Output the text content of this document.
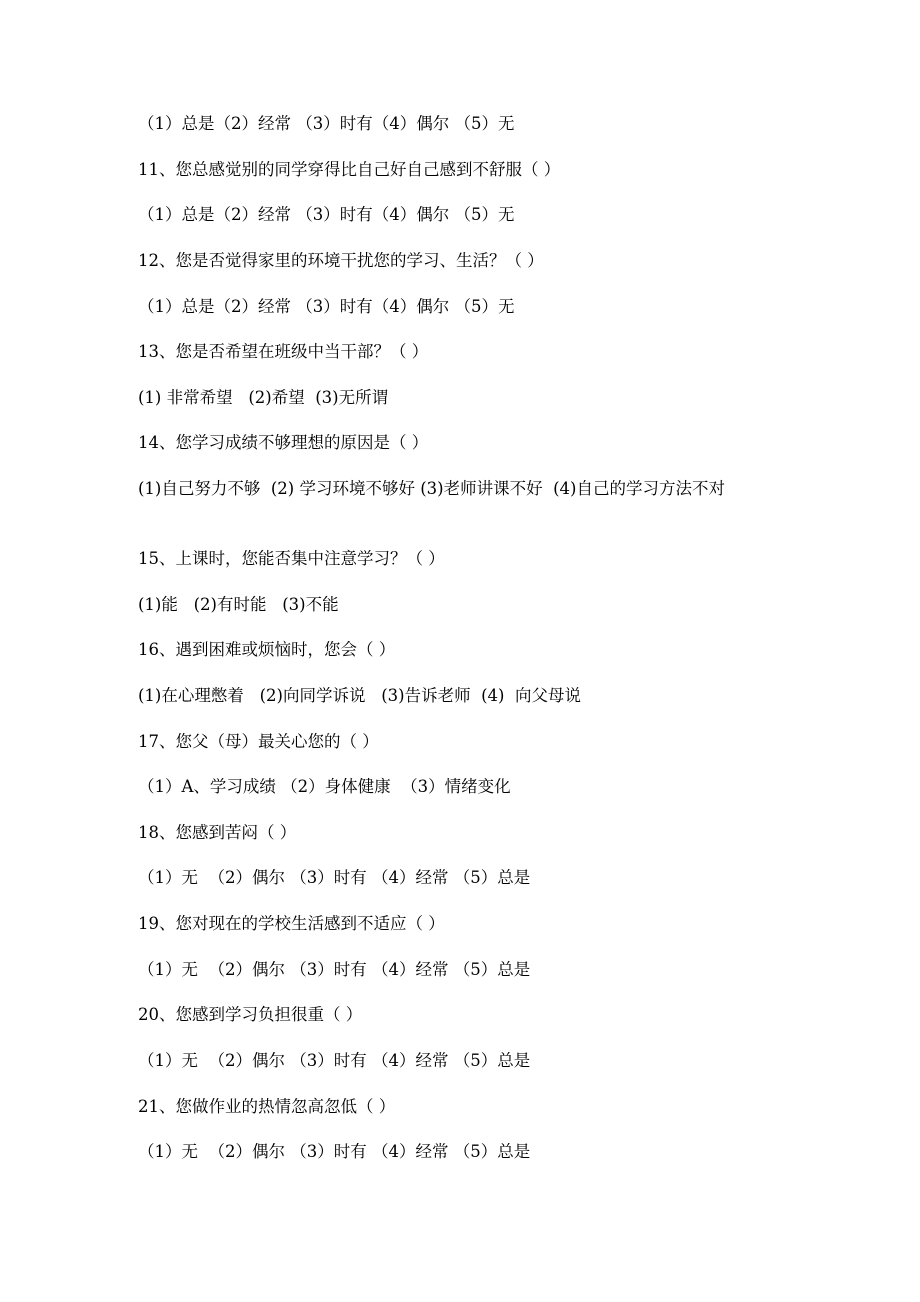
（1）总是（2）经常 （3）时有（4）偶尔 （5）无
11、您总感觉别的同学穿得比自己好自己感到不舒服（ ）
（1）总是（2）经常 （3）时有（4）偶尔 （5）无
12、您是否觉得家里的环境干扰您的学习、生活？（ ）
（1）总是（2）经常 （3）时有（4）偶尔 （5）无
13、您是否希望在班级中当干部？（ ）
(1) 非常希望   (2)希望  (3)无所谓
14、您学习成绩不够理想的原因是（ ）
(1)自己努力不够  (2) 学习环境不够好 (3)老师讲课不好  (4)自己的学习方法不对
15、上课时，您能否集中注意学习？（ ）
(1)能   (2)有时能   (3)不能
16、遇到困难或烦恼时，您会（ ）
(1)在心理憋着   (2)向同学诉说   (3)告诉老师  (4)  向父母说
17、您父（母）最关心您的（ ）
（1）A、学习成绩 （2）身体健康  （3）情绪变化
18、您感到苦闷（ ）
（1）无  （2）偶尔 （3）时有 （4）经常 （5）总是
19、您对现在的学校生活感到不适应（ ）
（1）无  （2）偶尔 （3）时有 （4）经常 （5）总是
20、您感到学习负担很重（ ）
（1）无  （2）偶尔 （3）时有 （4）经常 （5）总是
21、您做作业的热情忽高忽低（ ）
（1）无  （2）偶尔 （3）时有 （4）经常 （5）总是
